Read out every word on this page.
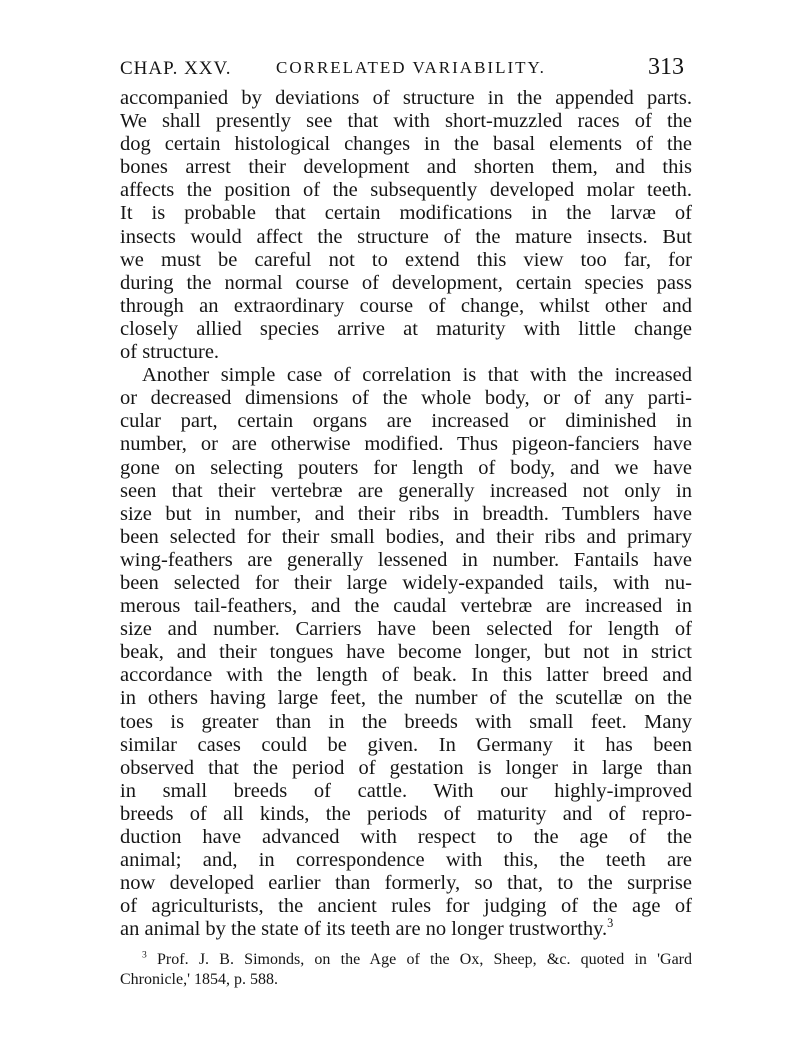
CHAP. XXV.	CORRELATED VARIABILITY.	313
accompanied by deviations of structure in the appended parts.
We shall presently see that with short-muzzled races of the
dog certain histological changes in the basal elements of the
bones arrest their development and shorten them, and this
affects the position of the subsequently developed molar teeth.
It is probable that certain modifications in the larvæ of
insects would affect the structure of the mature insects. But
we must be careful not to extend this view too far, for
during the normal course of development, certain species pass
through an extraordinary course of change, whilst other and
closely allied species arrive at maturity with little change
of structure.
Another simple case of correlation is that with the increased
or decreased dimensions of the whole body, or of any parti-
cular part, certain organs are increased or diminished in
number, or are otherwise modified. Thus pigeon-fanciers have
gone on selecting pouters for length of body, and we have
seen that their vertebræ are generally increased not only in
size but in number, and their ribs in breadth. Tumblers have
been selected for their small bodies, and their ribs and primary
wing-feathers are generally lessened in number. Fantails have
been selected for their large widely-expanded tails, with nu-
merous tail-feathers, and the caudal vertebræ are increased in
size and number. Carriers have been selected for length of
beak, and their tongues have become longer, but not in strict
accordance with the length of beak. In this latter breed and
in others having large feet, the number of the scutellæ on the
toes is greater than in the breeds with small feet. Many
similar cases could be given. In Germany it has been
observed that the period of gestation is longer in large than
in small breeds of cattle. With our highly-improved
breeds of all kinds, the periods of maturity and of repro-
duction have advanced with respect to the age of the
animal; and, in correspondence with this, the teeth are
now developed earlier than formerly, so that, to the surprise
of agriculturists, the ancient rules for judging of the age of
an animal by the state of its teeth are no longer trustworthy.$^3$
$^3$ Prof. J. B. Simonds, on the Age of the Ox, Sheep, &c. quoted in 'Gard
Chronicle,' 1854, p. 588.
